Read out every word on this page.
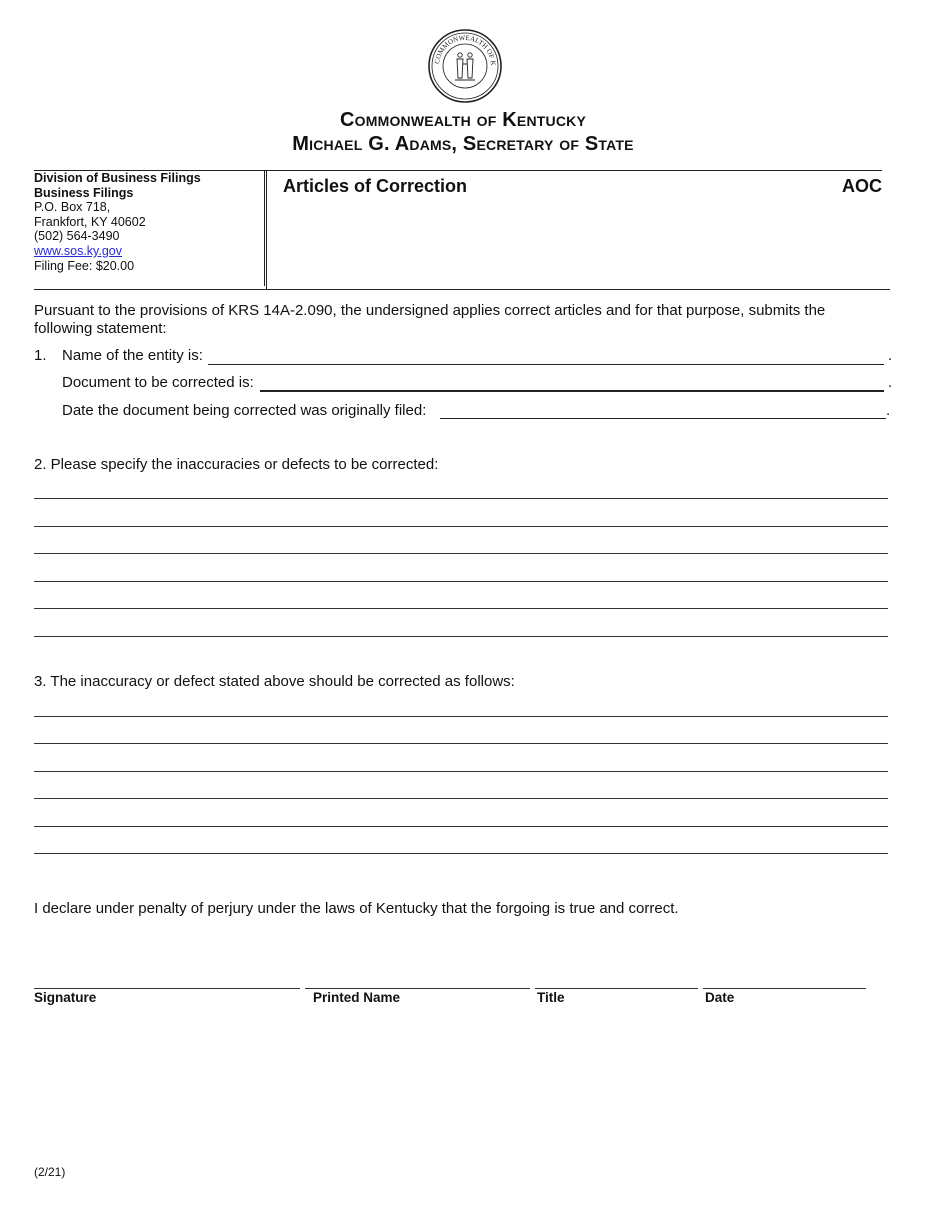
COMMONWEALTH OF K
Commonwealth of Kentucky
Michael G. Adams, Secretary of State
Division of Business Filings
Business Filings
P.O. Box 718,
Frankfort, KY 40602
(502) 564-3490
www.sos.ky.gov
Filing Fee: $20.00
Articles of Correction	AOC
Pursuant to the provisions of KRS 14A-2.090, the undersigned applies correct articles and for that purpose, submits the following statement:
1. Name of the entity is:	.
Document to be corrected is:	.
Date the document being corrected was originally filed:	.
2. Please specify the inaccuracies or defects to be corrected:
3. The inaccuracy or defect stated above should be corrected as follows:
I declare under penalty of perjury under the laws of Kentucky that the forgoing is true and correct.
Signature	Printed Name	Title	Date
(2/21)
